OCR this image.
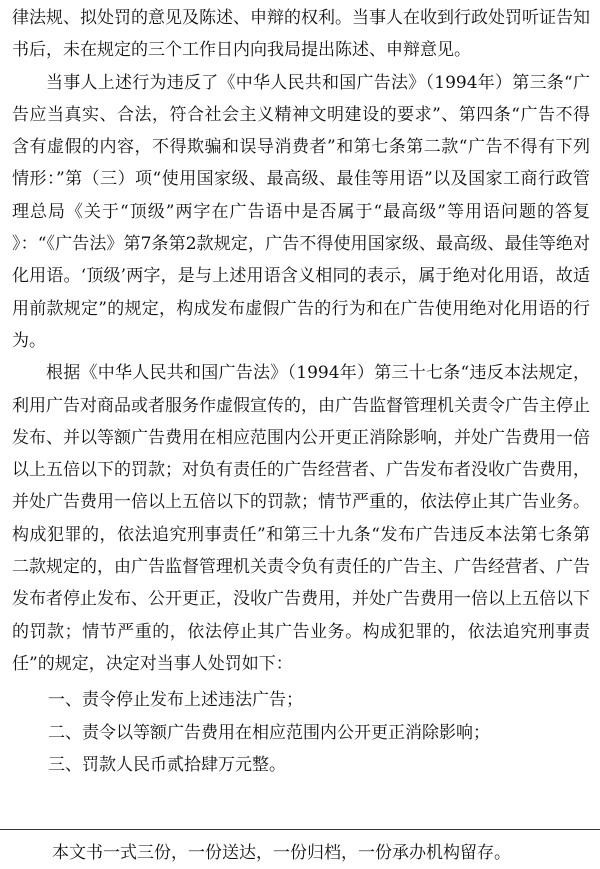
律法规、拟处罚的意见及陈述、申辩的权利。当事人在收到行政处罚听证告知书后，未在规定的三个工作日内向我局提出陈述、申辩意见。

当事人上述行为违反了《中华人民共和国广告法》（1994年）第三条“广告应当真实、合法，符合社会主义精神文明建设的要求”、第四条“广告不得含有虚假的内容，不得欺骗和误导消费者”和第七条第二款“广告不得有下列情形：”第（三）项“使用国家级、最高级、最佳等用语”以及国家工商行政管理总局《关于“顶级”两字在广告语中是否属于“最高级”等用语问题的答复 》：“《广告法》第7条第2款规定，广告不得使用国家级、最高级、最佳等绝对化用语。‘顶级’两字，是与上述用语含义相同的表示，属于绝对化用语，故适用前款规定”的规定，构成发布虚假广告的行为和在广告使用绝对化用语的行为。

根据《中华人民共和国广告法》（1994年）第三十七条“违反本法规定，利用广告对商品或者服务作虚假宣传的，由广告监督管理机关责令广告主停止发布、并以等额广告费用在相应范围内公开更正消除影响，并处广告费用一倍以上五倍以下的罚款；对负有责任的广告经营者、广告发布者没收广告费用，并处广告费用一倍以上五倍以下的罚款；情节严重的，依法停止其广告业务。构成犯罪的，依法追究刑事责任”和第三十九条“发布广告违反本法第七条第二款规定的，由广告监督管理机关责令负有责任的广告主、广告经营者、广告发布者停止发布、公开更正，没收广告费用，并处广告费用一倍以上五倍以下的罚款；情节严重的，依法停止其广告业务。构成犯罪的，依法追究刑事责任”的规定，决定对当事人处罚如下：

一、责令停止发布上述违法广告；

二、责令以等额广告费用在相应范围内公开更正消除影响；

三、罚款人民币贰拾肆万元整。

本文书一式三份，一份送达，一份归档，一份承办机构留存。
